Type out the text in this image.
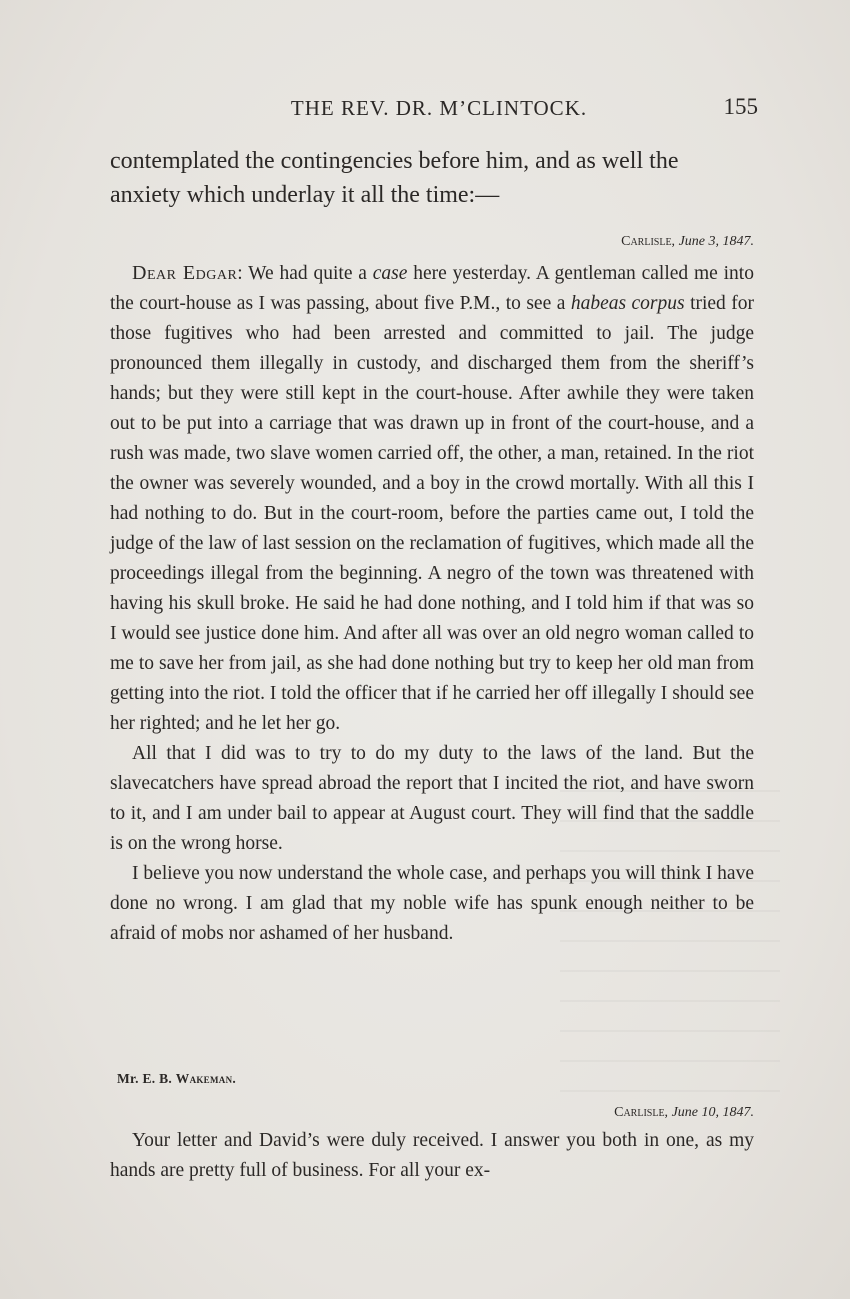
THE REV. DR. M’CLINTOCK.	155

contemplated the contingencies before him, and as well the anxiety which underlay it all the time:—

Carlisle, June 3, 1847.

Dear Edgar: We had quite a case here yesterday. A gentleman called me into the court-house as I was passing, about five P.M., to see a habeas corpus tried for those fugitives who had been arrested and committed to jail. The judge pronounced them illegally in custody, and discharged them from the sheriff’s hands; but they were still kept in the court-house. After awhile they were taken out to be put into a carriage that was drawn up in front of the court-house, and a rush was made, two slave women carried off, the other, a man, retained. In the riot the owner was severely wounded, and a boy in the crowd mortally. With all this I had nothing to do. But in the court-room, before the parties came out, I told the judge of the law of last session on the reclamation of fugitives, which made all the proceedings illegal from the beginning. A negro of the town was threatened with having his skull broke. He said he had done nothing, and I told him if that was so I would see justice done him. And after all was over an old negro woman called to me to save her from jail, as she had done nothing but try to keep her old man from getting into the riot. I told the officer that if he carried her off illegally I should see her righted; and he let her go.

All that I did was to try to do my duty to the laws of the land. But the slavecatchers have spread abroad the report that I incited the riot, and have sworn to it, and I am under bail to appear at August court. They will find that the saddle is on the wrong horse.

I believe you now understand the whole case, and perhaps you will think I have done no wrong. I am glad that my noble wife has spunk enough neither to be afraid of mobs nor ashamed of her husband.

Mr. E. B. Wakeman.
Carlisle, June 10, 1847.

Your letter and David’s were duly received. I answer you both in one, as my hands are pretty full of business. For all your ex-
